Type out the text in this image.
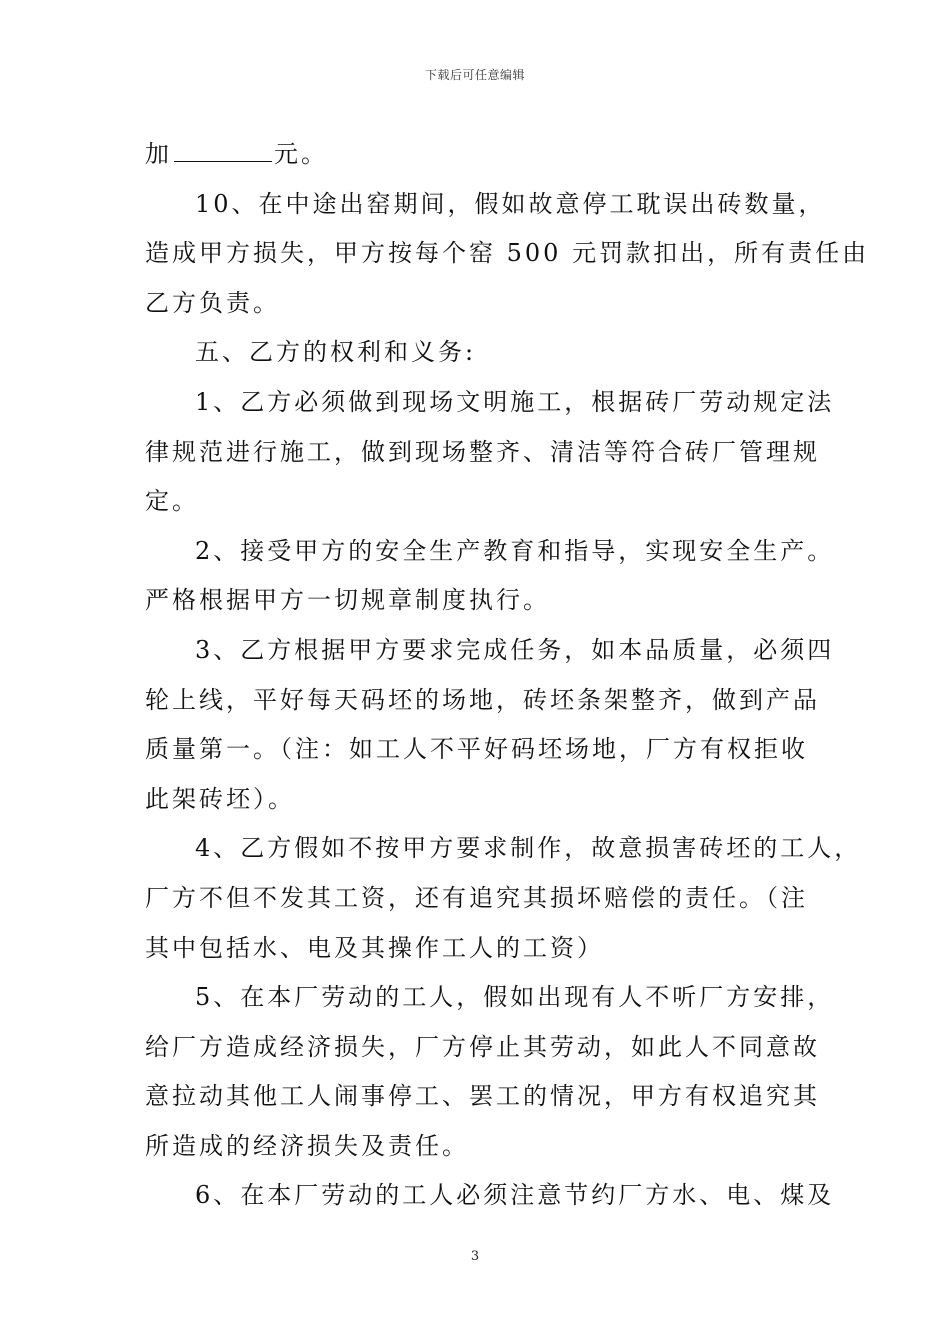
下载后可任意编辑
加	元。
10、在中途出窑期间，假如故意停工耽误出砖数量，
造成甲方损失，甲方按每个窑 500 元罚款扣出，所有责任由
乙方负责。
五、乙方的权利和义务:
1、乙方必须做到现场文明施工，根据砖厂劳动规定法
律规范进行施工，做到现场整齐、清洁等符合砖厂管理规
定。
2、接受甲方的安全生产教育和指导，实现安全生产。
严格根据甲方一切规章制度执行。
3、乙方根据甲方要求完成任务，如本品质量，必须四
轮上线，平好每天码坯的场地，砖坯条架整齐，做到产品
质量第一。（注：如工人不平好码坯场地，厂方有权拒收
此架砖坯）。
4、乙方假如不按甲方要求制作，故意损害砖坯的工人，
厂方不但不发其工资，还有追究其损坏赔偿的责任。（注
其中包括水、电及其操作工人的工资）
5、在本厂劳动的工人，假如出现有人不听厂方安排，
给厂方造成经济损失，厂方停止其劳动，如此人不同意故
意拉动其他工人闹事停工、罢工的情况，甲方有权追究其
所造成的经济损失及责任。
6、在本厂劳动的工人必须注意节约厂方水、电、煤及
3
